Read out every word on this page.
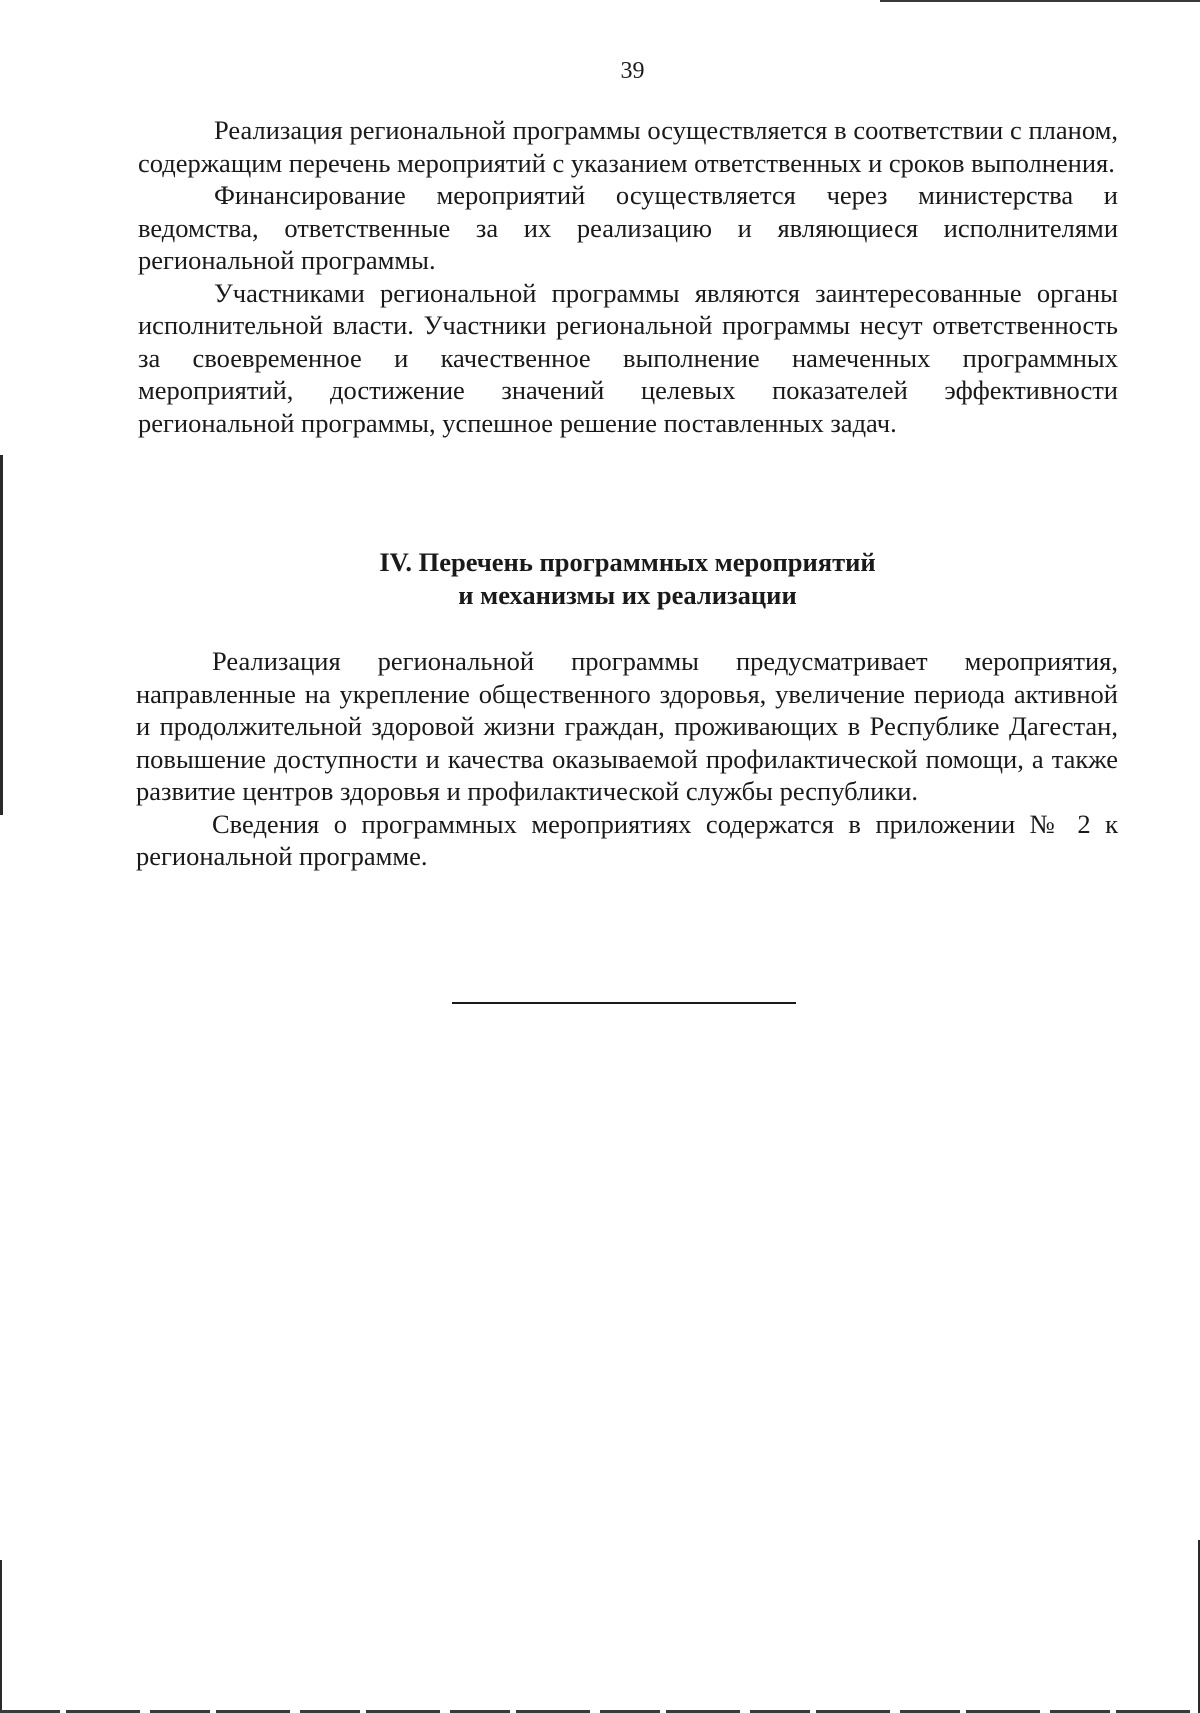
39

Реализация региональной программы осуществляется в соответствии с планом, содержащим перечень мероприятий с указанием ответственных и сроков выполнения.

Финансирование мероприятий осуществляется через министерства и ведомства, ответственные за их реализацию и являющиеся исполнителями региональной программы.

Участниками региональной программы являются заинтересованные органы исполнительной власти. Участники региональной программы несут ответственность за своевременное и качественное выполнение намеченных программных мероприятий, достижение значений целевых показателей эффективности региональной программы, успешное решение поставленных задач.

IV. Перечень программных мероприятий
и механизмы их реализации

Реализация региональной программы предусматривает мероприятия, направленные на укрепление общественного здоровья, увеличение периода активной и продолжительной здоровой жизни граждан, проживающих в Республике Дагестан, повышение доступности и качества оказываемой профилактической помощи, а также развитие центров здоровья и профилактической службы республики.

Сведения о программных мероприятиях содержатся в приложении № 2 к региональной программе.
